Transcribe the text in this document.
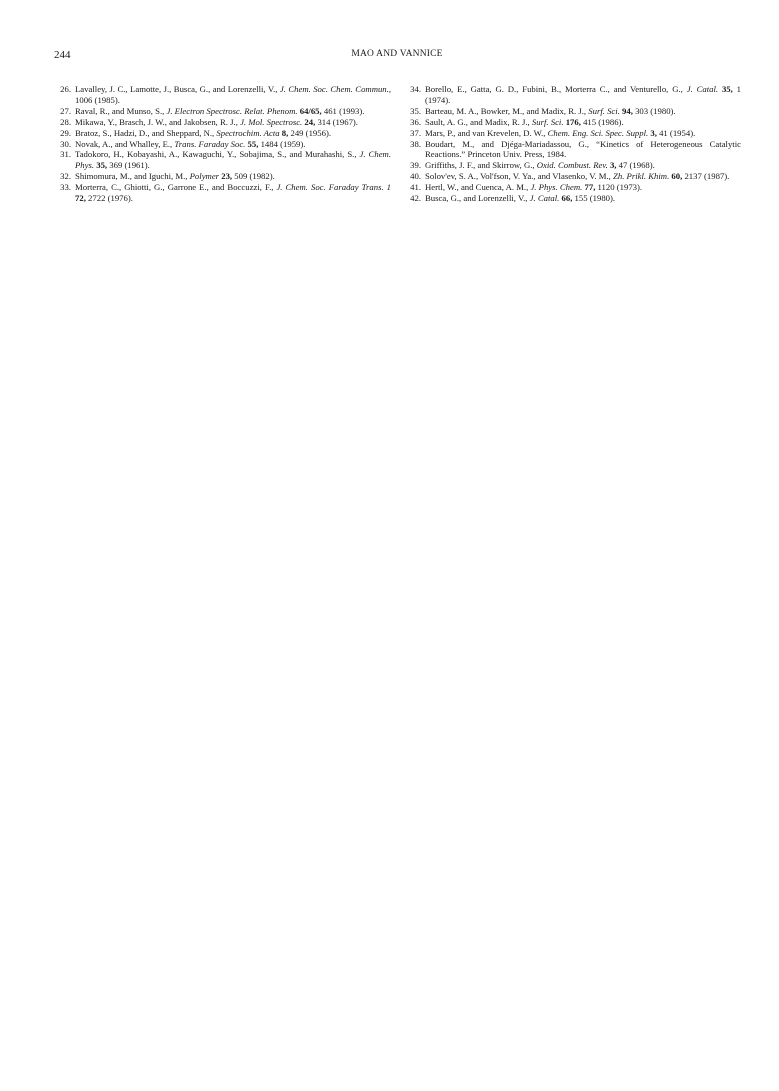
244	MAO AND VANNICE

26. Lavalley, J. C., Lamotte, J., Busca, G., and Lorenzelli, V., J. Chem. Soc. Chem. Commun., 1006 (1985).

27. Raval, R., and Munso, S., J. Electron Spectrosc. Relat. Phenom. 64/65, 461 (1993).

28. Mikawa, Y., Brasch, J. W., and Jakobsen, R. J., J. Mol. Spectrosc. 24, 314 (1967).

29. Bratoz, S., Hadzi, D., and Sheppard, N., Spectrochim. Acta 8, 249 (1956).

30. Novak, A., and Whalley, E., Trans. Faraday Soc. 55, 1484 (1959).

31. Tadokoro, H., Kobayashi, A., Kawaguchi, Y., Sobajima, S., and Murahashi, S., J. Chem. Phys. 35, 369 (1961).

32. Shimomura, M., and Iguchi, M., Polymer 23, 509 (1982).

33. Morterra, C., Ghiotti, G., Garrone E., and Boccuzzi, F., J. Chem. Soc. Faraday Trans. 1 72, 2722 (1976).

34. Borello, E., Gatta, G. D., Fubini, B., Morterra C., and Venturello, G., J. Catal. 35, 1 (1974).

35. Barteau, M. A., Bowker, M., and Madix, R. J., Surf. Sci. 94, 303 (1980).

36. Sault, A. G., and Madix, R. J., Surf. Sci. 176, 415 (1986).

37. Mars, P., and van Krevelen, D. W., Chem. Eng. Sci. Spec. Suppl. 3, 41 (1954).

38. Boudart, M., and Djéga-Mariadassou, G., “Kinetics of Heterogeneous Catalytic Reactions.” Princeton Univ. Press, 1984.

39. Griffiths, J. F., and Skirrow, G., Oxid. Combust. Rev. 3, 47 (1968).

40. Solov'ev, S. A., Vol'fson, V. Ya., and Vlasenko, V. M., Zh. Prikl. Khim. 60, 2137 (1987).

41. Hertl, W., and Cuenca, A. M., J. Phys. Chem. 77, 1120 (1973).

42. Busca, G., and Lorenzelli, V., J. Catal. 66, 155 (1980).
